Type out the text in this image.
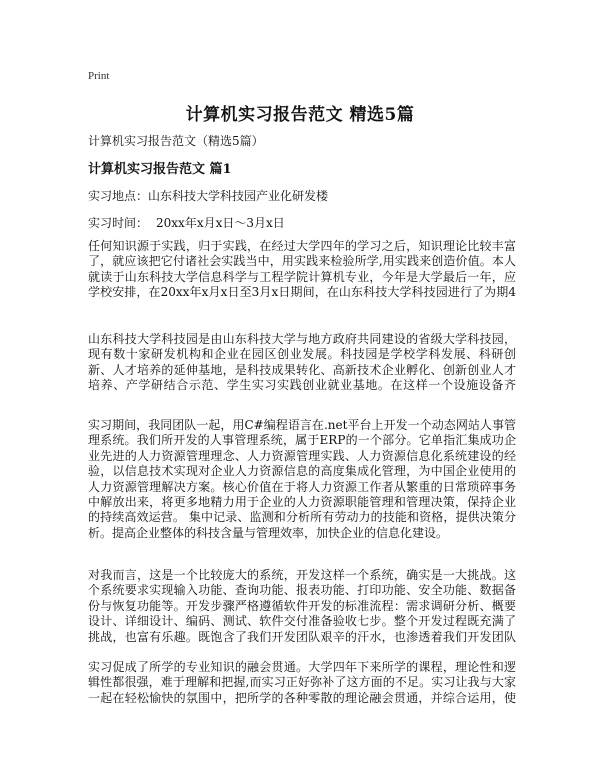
Print
计算机实习报告范文 精选5篇
计算机实习报告范文（精选5篇）
计算机实习报告范文 篇1
实习地点：山东科技大学科技园产业化研发楼
实习时间： 20xx年x月x日～3月x日

任何知识源于实践，归于实践，在经过大学四年的学习之后，知识理论比较丰富了，就应该把它付诸社会实践当中，用实践来检验所学,用实践来创造价值。本人就读于山东科技大学信息科学与工程学院计算机专业，今年是大学最后一年，应学校安排，在20xx年x月x日至3月x日期间，在山东科技大学科技园进行了为期4

山东科技大学科技园是由山东科技大学与地方政府共同建设的省级大学科技园，现有数十家研发机构和企业在园区创业发展。科技园是学校学科发展、科研创新、人才培养的延伸基地，是科技成果转化、高新技术企业孵化、创新创业人才培养、产学研结合示范、学生实习实践创业就业基地。在这样一个设施设备齐

实习期间，我同团队一起，用C#编程语言在.net平台上开发一个动态网站人事管理系统。我们所开发的人事管理系统，属于ERP的一个部分。它单指汇集成功企业先进的人力资源管理理念、人力资源管理实践、人力资源信息化系统建设的经验，以信息技术实现对企业人力资源信息的高度集成化管理，为中国企业使用的人力资源管理解决方案。核心价值在于将人力资源工作者从繁重的日常琐碎事务中解放出来，将更多地精力用于企业的人力资源职能管理和管理决策，保持企业的持续高效运营。 集中记录、监测和分析所有劳动力的技能和资格，提供决策分析。提高企业整体的科技含量与管理效率，加快企业的信息化建设。

对我而言，这是一个比较庞大的系统，开发这样一个系统，确实是一大挑战。这个系统要求实现输入功能、查询功能、报表功能、打印功能、安全功能、数据备份与恢复功能等。开发步骤严格遵循软件开发的标准流程：需求调研分析、概要设计、详细设计、编码、测试、软件交付准备验收七步。整个开发过程既充满了挑战，也富有乐趣。既饱含了我们开发团队艰辛的汗水，也渗透着我们开发团队

实习促成了所学的专业知识的融会贯通。大学四年下来所学的课程，理论性和逻辑性都很强，难于理解和把握,而实习正好弥补了这方面的不足。实习让我与大家一起在轻松愉快的氛围中，把所学的各种零散的理论融会贯通，并综合运用，使
